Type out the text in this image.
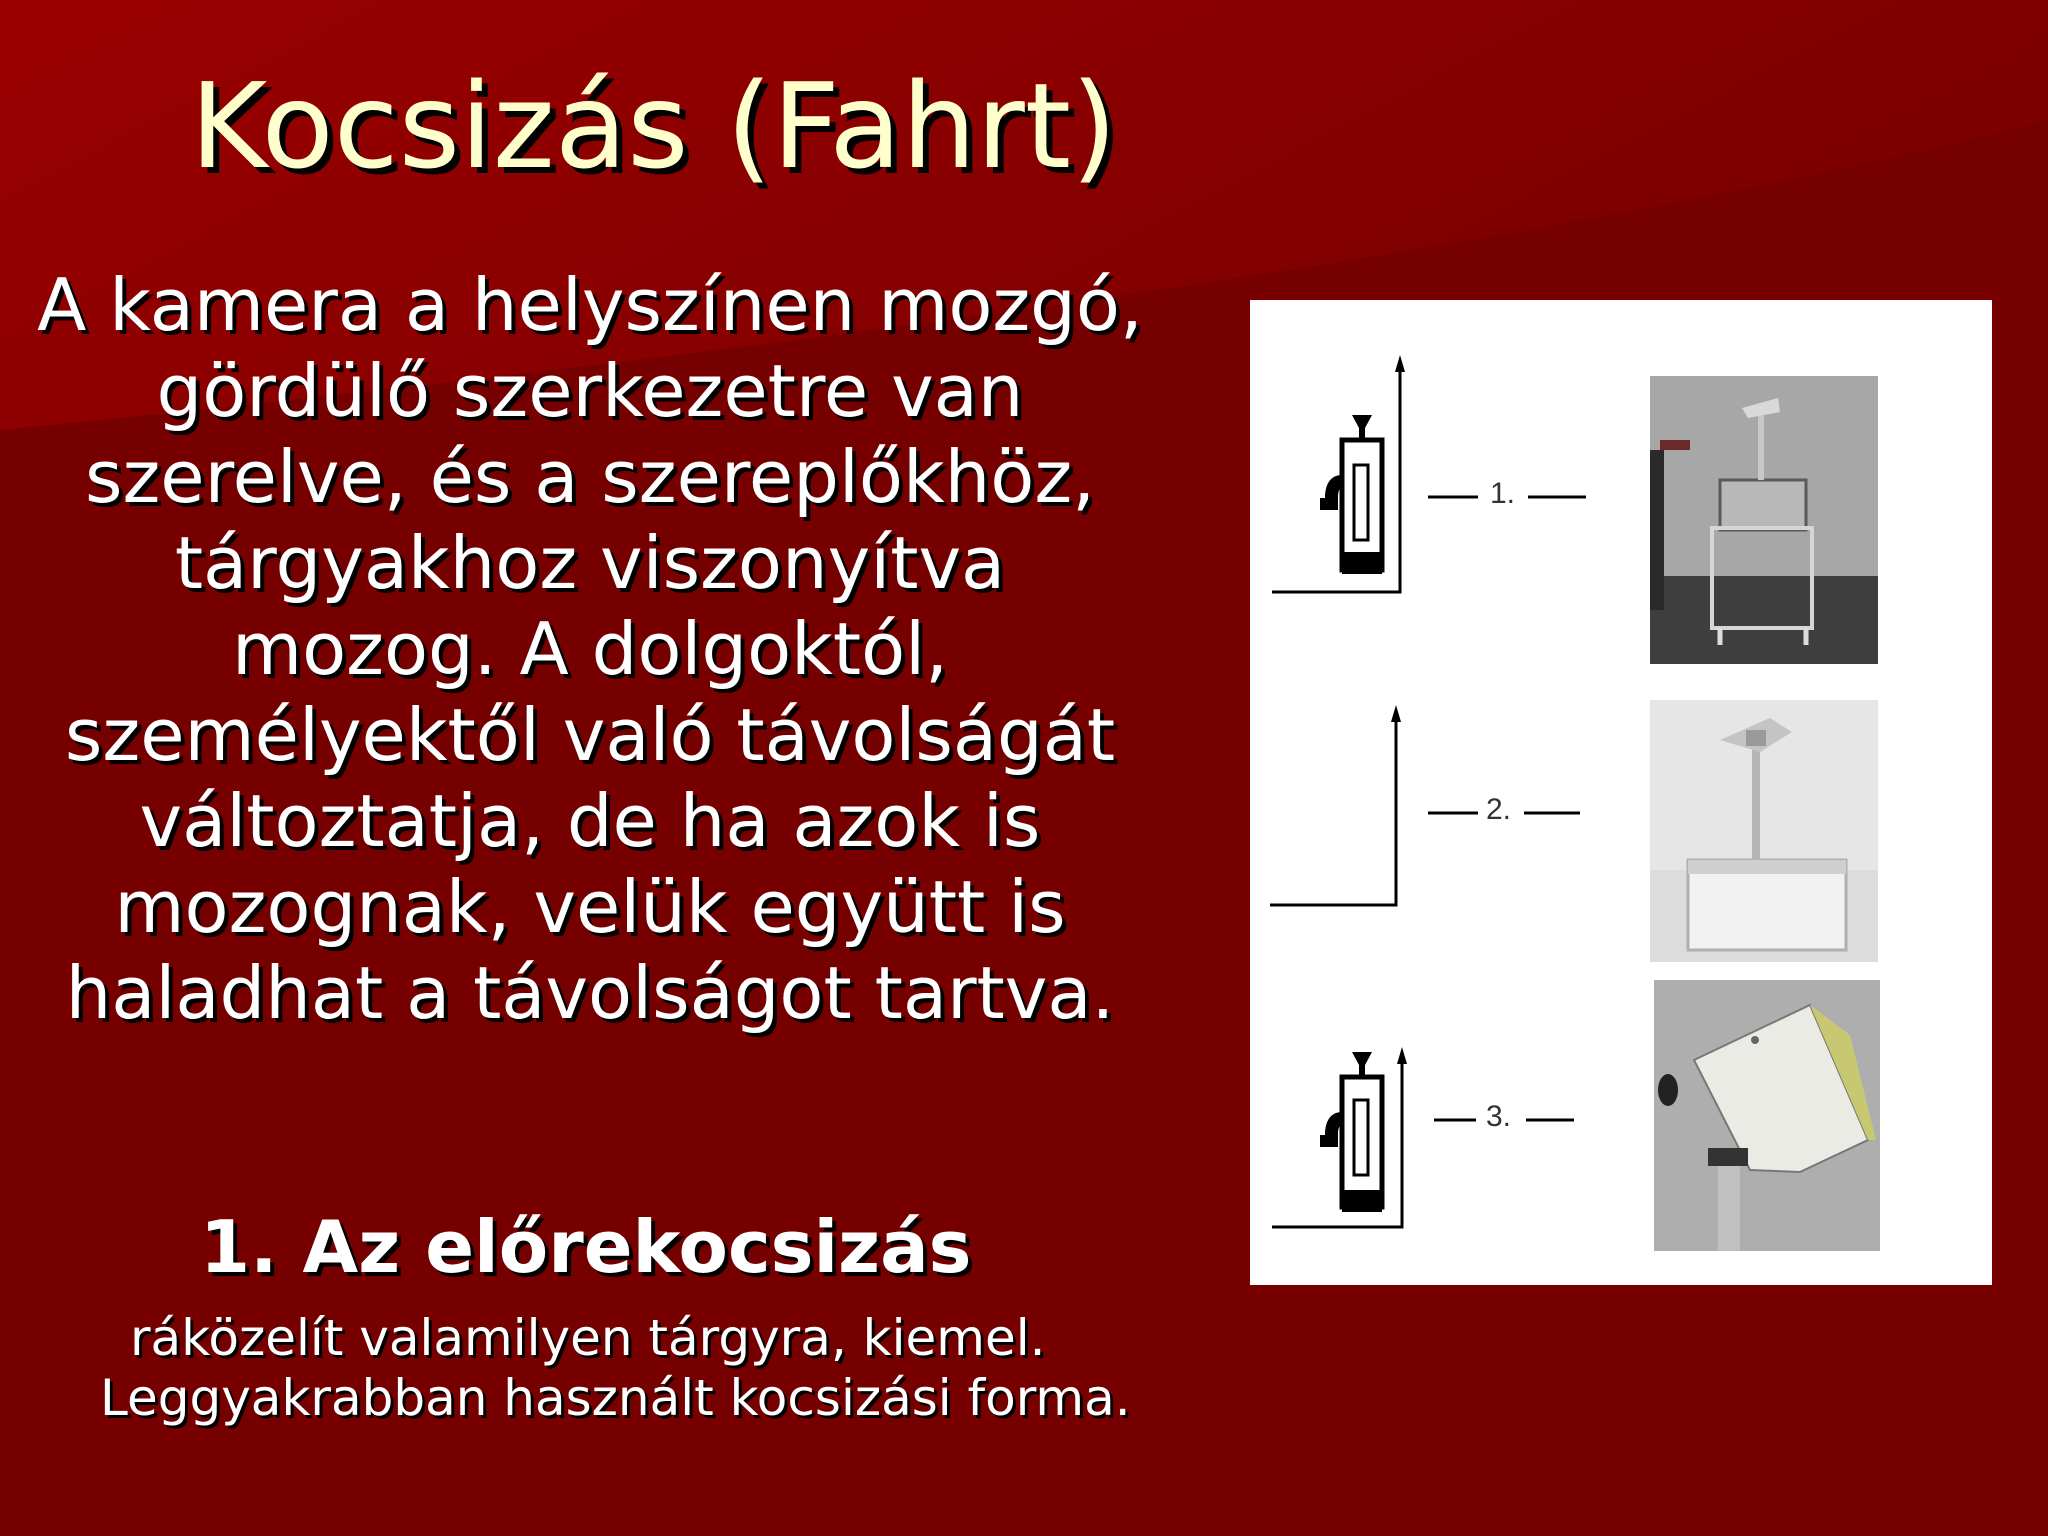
Kocsizás (Fahrt)

A kamera a helyszínen mozgó,
gördülő szerkezetre van
szerelve, és a szereplőkhöz,
tárgyakhoz viszonyítva
mozog. A dolgoktól,
személyektől való távolságát
változtatja, de ha azok is
mozognak, velük együtt is
haladhat a távolságot tartva.

1. Az előrekocsizás

ráközelít valamilyen tárgyra, kiemel.
Leggyakrabban használt kocsizási forma.

1.
2.
3.
